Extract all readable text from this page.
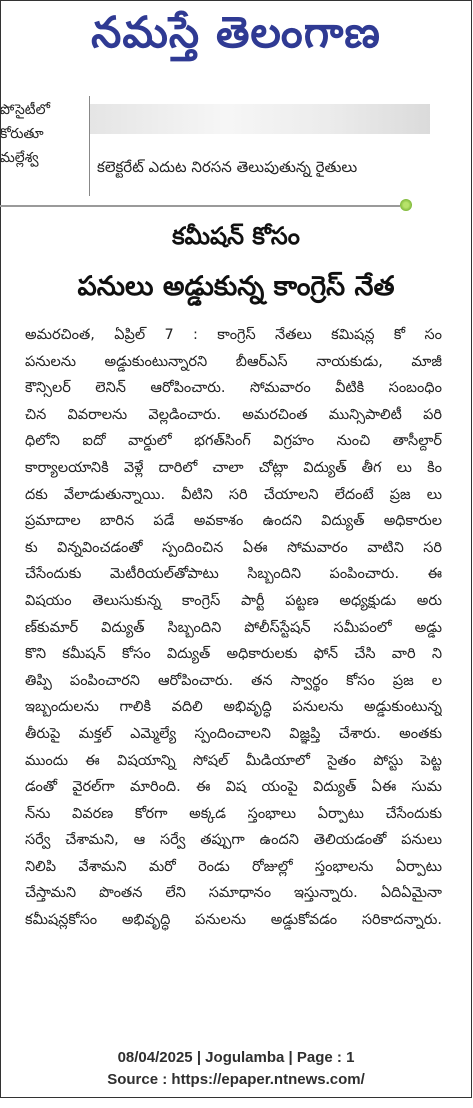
నమస్తే తెలంగాణ
పోసైటీలో
కోరుతూ
మల్లేశ్వ	కలెక్టరేట్ ఎదుట నిరసన తెలుపుతున్న రైతులు
కమీషన్ కోసం
పనులు అడ్డుకున్న కాంగ్రెస్ నేత
అమరచింత, ఏప్రిల్ 7 : కాంగ్రెస్ నేతలు కమిషన్ల కో సం
పనులను అడ్డుకుంటున్నారని బీఆర్ఎస్ నాయకుడు, మాజీ
కౌన్సిలర్ లెనిన్ ఆరోపించారు. సోమవారం వీటికి సంబంధిం
చిన వివరాలను వెల్లడించారు. అమరచింత మున్సిపాలిటీ పరి
ధిలోని ఐదో వార్డులో భగత్‌సింగ్ విగ్రహం నుంచి తాసీల్దార్
కార్యాలయానికి వెళ్లే దారిలో చాలా చోట్లా విద్యుత్ తీగ లు కిం
దకు వేలాడుతున్నాయి. వీటిని సరి చేయాలని లేదంటే ప్రజ లు
ప్రమాదాల బారిన పడే అవకాశం ఉందని విద్యుత్ అధికారుల
కు విన్నవించడంతో స్పందించిన ఏఈ సోమవారం వాటిని సరి
చేసేందుకు మెటీరియల్‌తోపాటు సిబ్బందిని పంపించారు. ఈ
విషయం తెలుసుకున్న కాంగ్రెస్ పార్టీ పట్టణ అధ్యక్షుడు అరు
ణ్‌కుమార్ విద్యుత్ సిబ్బందిని పోలీస్‌స్టేషన్ సమీపంలో అడ్డు
కొని కమీషన్ కోసం విద్యుత్ అధికారులకు ఫోన్ చేసి వారి ని
తిప్పి పంపించారని ఆరోపించారు. తన స్వార్థం కోసం ప్రజ ల
ఇబ్బందులను గాలికి వదిలి అభివృద్ధి పనులను అడ్డుకుంటున్న
తీరుపై మక్తల్ ఎమ్మెల్యే స్పందించాలని విజ్ఞప్తి చేశారు. అంతకు
ముందు ఈ విషయాన్ని సోషల్ మీడియాలో సైతం పోస్టు పెట్ట
డంతో వైరల్‌గా మారింది. ఈ విష యంపై విద్యుత్ ఏఈ సుమ
న్‌ను వివరణ కోరగా అక్కడ స్తంభాలు ఏర్పాటు చేసేందుకు
సర్వే చేశామని, ఆ సర్వే తప్పుగా ఉందని తెలియడంతో పనులు
నిలిపి వేశామని మరో రెండు రోజుల్లో స్తంభాలను ఏర్పాటు
చేస్తామని పొంతన లేని సమాధానం ఇస్తున్నారు. ఏదిఏమైనా
కమీషన్లకోసం అభివృద్ధి పనులను అడ్డుకోవడం సరికాదన్నారు.
08/04/2025 | Jogulamba | Page : 1
Source : https://epaper.ntnews.com/
